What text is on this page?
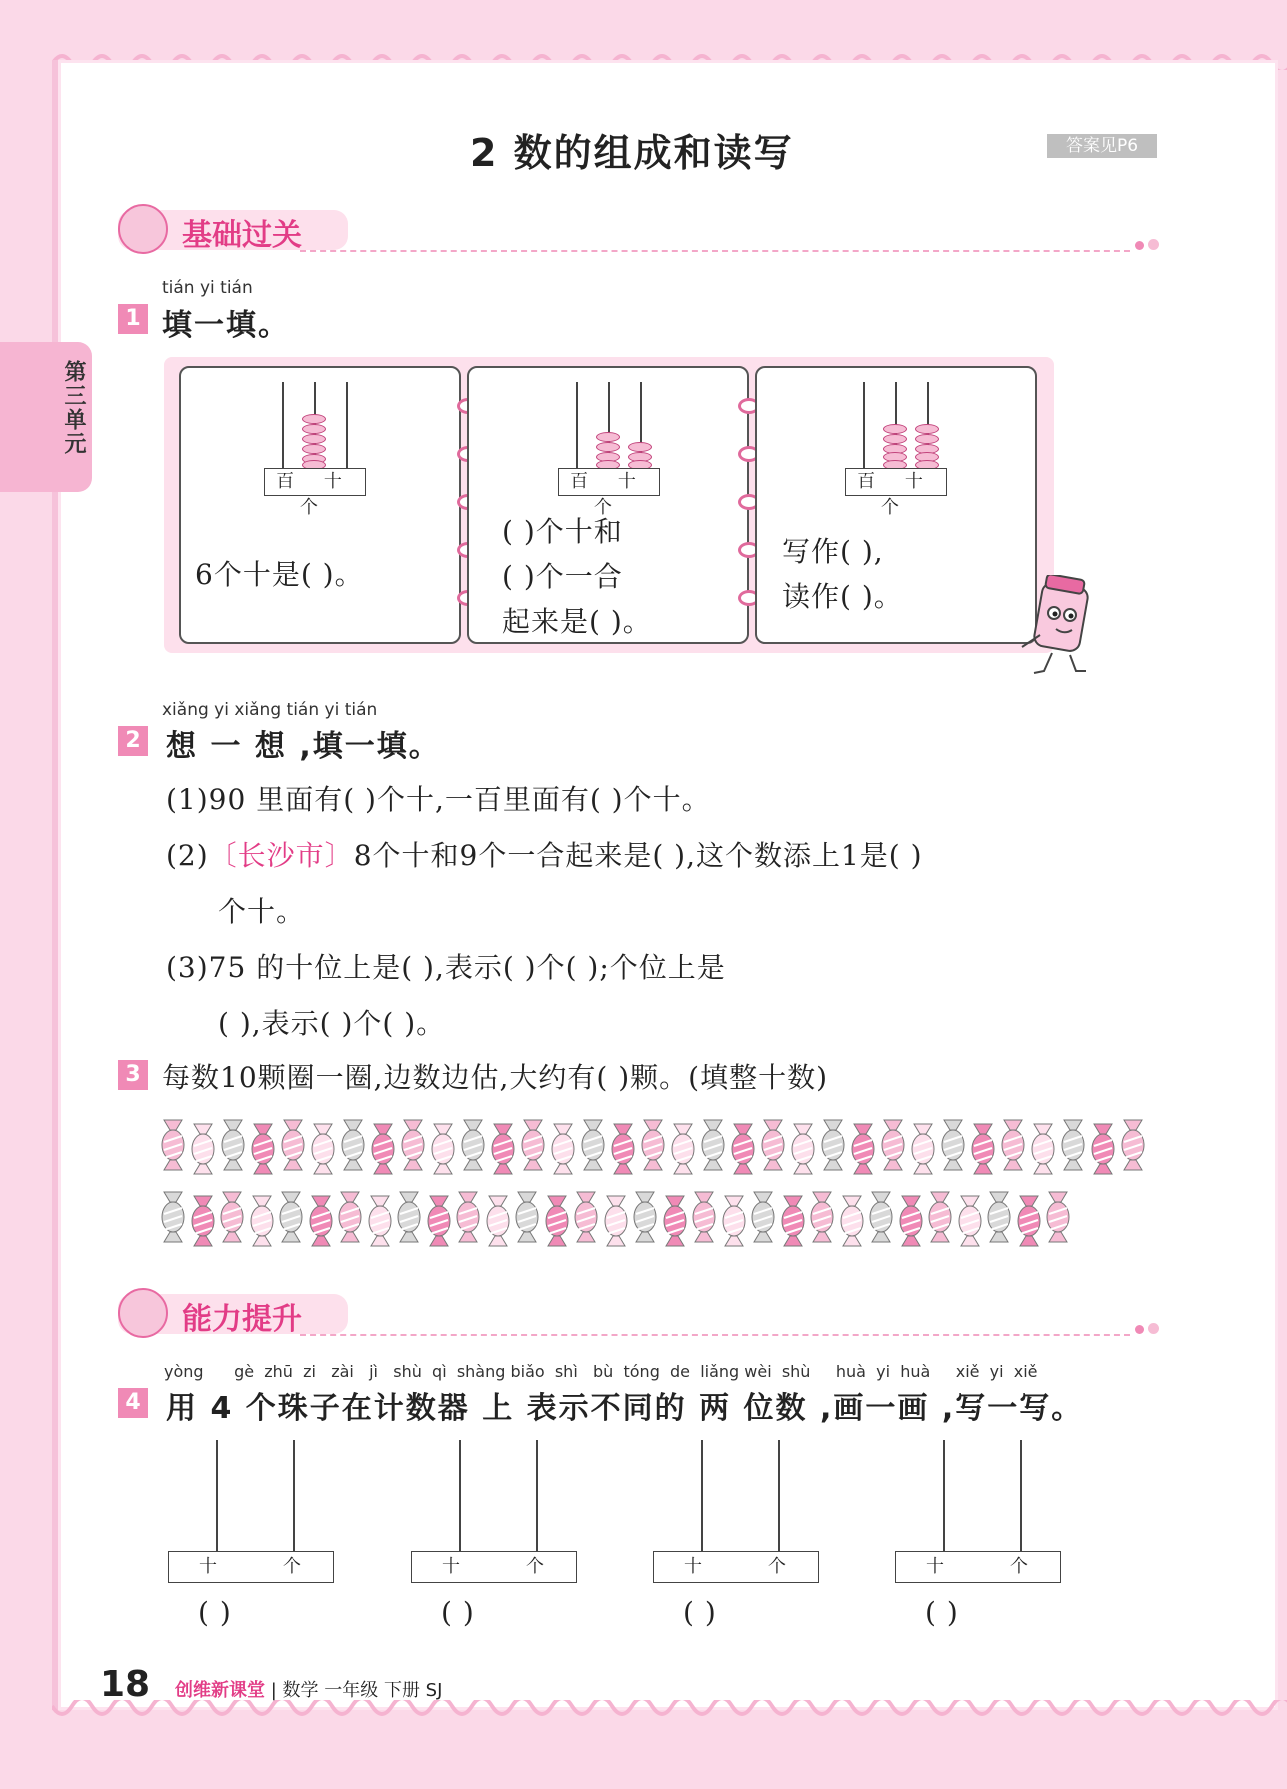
2 数的组成和读写	答案见P6
第三单元
基础过关
tián yi tián
1 填一填。
百 十 个
6个十是( )。
百 十 个
( )个十和
( )个一合
起来是( )。
百 十 个
写作( ),
读作( )。
xiǎng yi xiǎng tián yi tián
2 想 一 想 ,填一填。
(1)90 里面有( )个十,一百里面有( )个十。
(2)〔长沙市〕8个十和9个一合起来是( ),这个数添上1是( )
个十。
(3)75 的十位上是( ),表示( )个( );个位上是
( ),表示( )个( )。
3 每数10颗圈一圈,边数边估,大约有( )颗。(填整十数)
能力提升
yòng      gè  zhū  zi   zài   jì   shù  qì  shàng biǎo  shì   bù  tóng  de  liǎng wèi  shù     huà  yi  huà     xiě  yi  xiě
4 用 4 个珠子在计数器 上 表示不同的 两 位数 ,画一画 ,写一写。
十	个
( )
十	个
( )
十	个
( )
十	个
( )
18 创维新课堂 | 数学 一年级 下册 SJ
